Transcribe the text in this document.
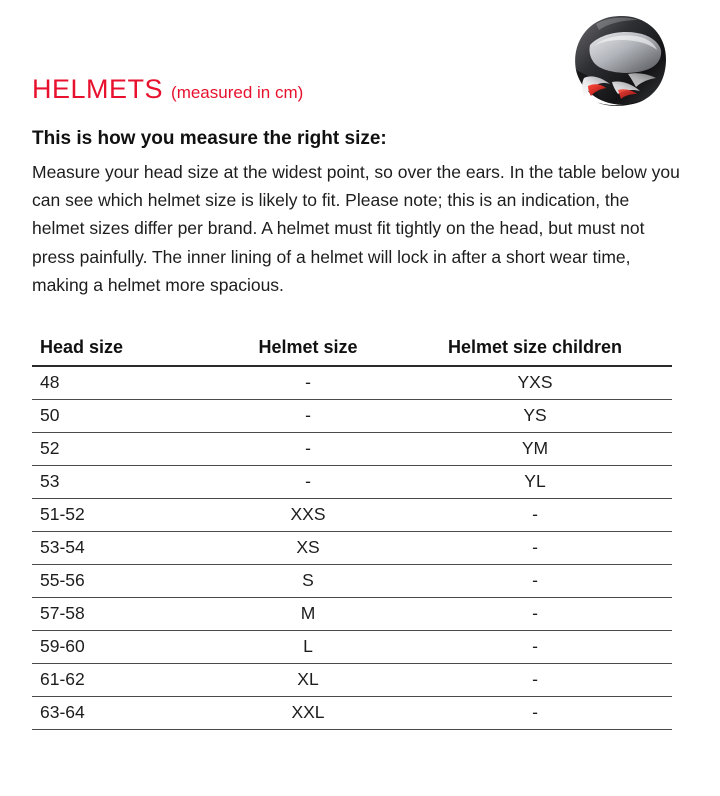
HELMETS (measured in cm)
This is how you measure the right size:

Measure your head size at the widest point, so over the ears. In the table below you can see which helmet size is likely to fit. Please note; this is an indication, the helmet sizes differ per brand. A helmet must fit tightly on the head, but must not press painfully. The inner lining of a helmet will lock in after a short wear time, making a helmet more spacious.

Head size	Helmet size	Helmet size children
48	-	YXS
50	-	YS
52	-	YM
53	-	YL
51-52	XXS	-
53-54	XS	-
55-56	S	-
57-58	M	-
59-60	L	-
61-62	XL	-
63-64	XXL	-
